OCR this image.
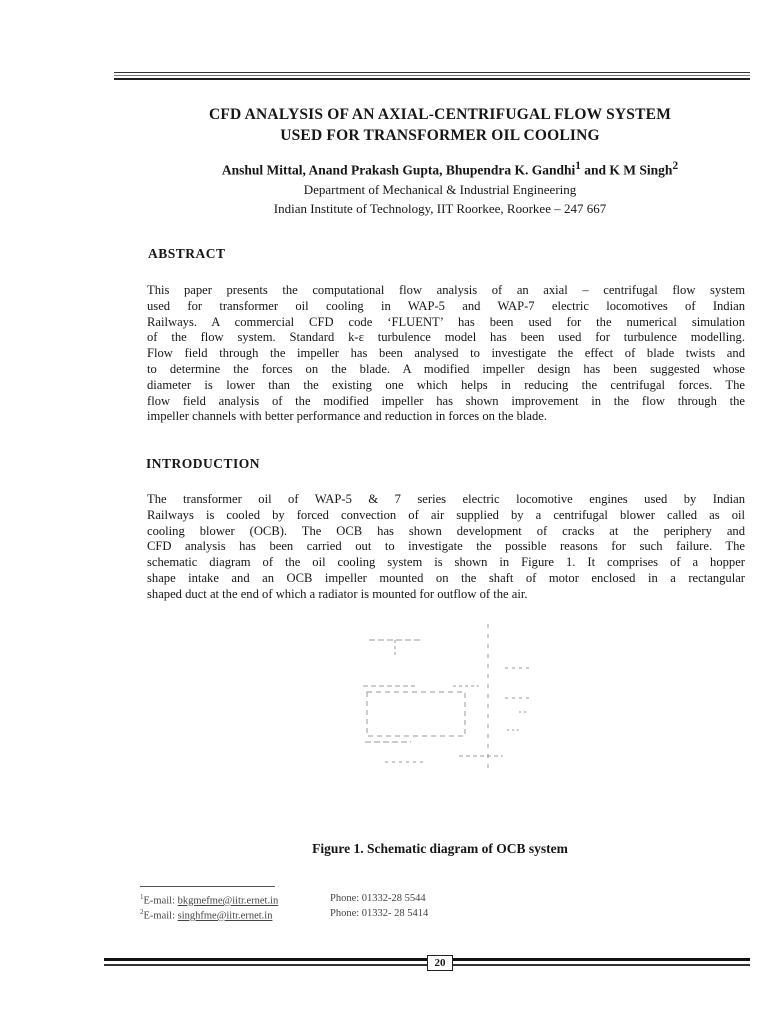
CFD ANALYSIS OF AN AXIAL-CENTRIFUGAL FLOW SYSTEM
USED FOR TRANSFORMER OIL COOLING
Anshul Mittal, Anand Prakash Gupta, Bhupendra K. Gandhi$^1$ and K M Singh$^2$
Department of Mechanical & Industrial Engineering
Indian Institute of Technology, IIT Roorkee, Roorkee – 247 667
ABSTRACT
This paper presents the computational flow analysis of an axial – centrifugal flow system
used for transformer oil cooling in WAP-5 and WAP-7 electric locomotives of Indian
Railways. A commercial CFD code ‘FLUENT’ has been used for the numerical simulation
of the flow system. Standard k-ε turbulence model has been used for turbulence modelling.
Flow field through the impeller has been analysed to investigate the effect of blade twists and
to determine the forces on the blade. A modified impeller design has been suggested whose
diameter is lower than the existing one which helps in reducing the centrifugal forces. The
flow field analysis of the modified impeller has shown improvement in the flow through the
impeller channels with better performance and reduction in forces on the blade.
INTRODUCTION
The transformer oil of WAP-5 & 7 series electric locomotive engines used by Indian
Railways is cooled by forced convection of air supplied by a centrifugal blower called as oil
cooling blower (OCB). The OCB has shown development of cracks at the periphery and
CFD analysis has been carried out to investigate the possible reasons for such failure. The
schematic diagram of the oil cooling system is shown in Figure 1. It comprises of a hopper
shape intake and an OCB impeller mounted on the shaft of motor enclosed in a rectangular
shaped duct at the end of which a radiator is mounted for outflow of the air.
Figure 1. Schematic diagram of OCB system
$^1$E-mail: bkgmefme@iitr.ernet.in	Phone: 01332-28 5544
$^2$E-mail: singhfme@iitr.ernet.in	Phone: 01332- 28 5414
20
